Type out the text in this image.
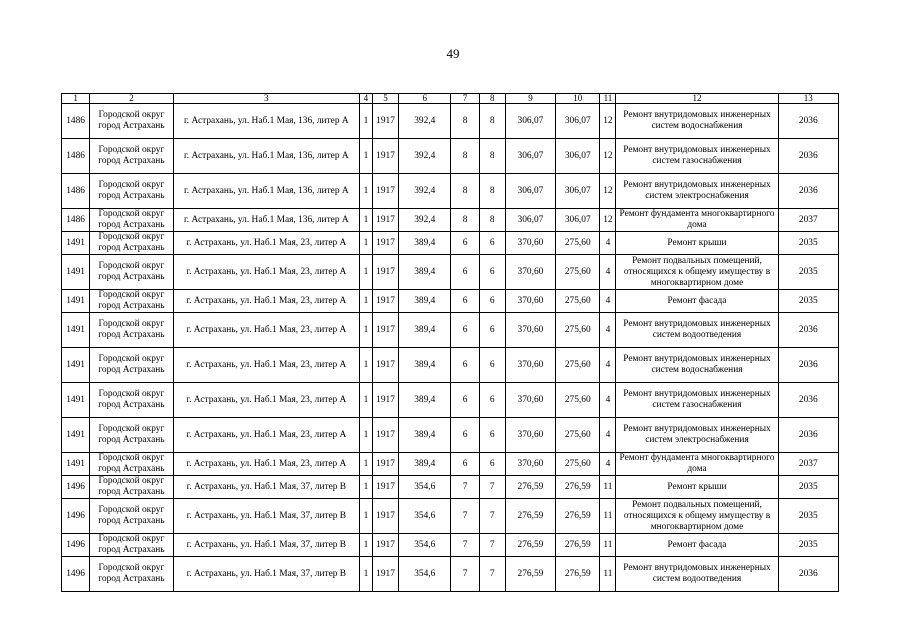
49
1	2	3	4	5	6	7	8	9	10	11	12	13
1486	Городской округ город Астрахань	г. Астрахань, ул. Наб.1 Мая, 136, литер А	1	1917	392,4	8	8	306,07	306,07	12	Ремонт внутридомовых инженерных систем водоснабжения	2036
1486	Городской округ город Астрахань	г. Астрахань, ул. Наб.1 Мая, 136, литер А	1	1917	392,4	8	8	306,07	306,07	12	Ремонт внутридомовых инженерных систем газоснабжения	2036
1486	Городской округ город Астрахань	г. Астрахань, ул. Наб.1 Мая, 136, литер А	1	1917	392,4	8	8	306,07	306,07	12	Ремонт внутридомовых инженерных систем электроснабжения	2036
1486	Городской округ город Астрахань	г. Астрахань, ул. Наб.1 Мая, 136, литер А	1	1917	392,4	8	8	306,07	306,07	12	Ремонт фундамента многоквартирного дома	2037
1491	Городской округ город Астрахань	г. Астрахань, ул. Наб.1 Мая, 23, литер А	1	1917	389,4	6	6	370,60	275,60	4	Ремонт крыши	2035
1491	Городской округ город Астрахань	г. Астрахань, ул. Наб.1 Мая, 23, литер А	1	1917	389,4	6	6	370,60	275,60	4	Ремонт подвальных помещений, относящихся к общему имуществу в многоквартирном доме	2035
1491	Городской округ город Астрахань	г. Астрахань, ул. Наб.1 Мая, 23, литер А	1	1917	389,4	6	6	370,60	275,60	4	Ремонт фасада	2035
1491	Городской округ город Астрахань	г. Астрахань, ул. Наб.1 Мая, 23, литер А	1	1917	389,4	6	6	370,60	275,60	4	Ремонт внутридомовых инженерных систем водоотведения	2036
1491	Городской округ город Астрахань	г. Астрахань, ул. Наб.1 Мая, 23, литер А	1	1917	389,4	6	6	370,60	275,60	4	Ремонт внутридомовых инженерных систем водоснабжения	2036
1491	Городской округ город Астрахань	г. Астрахань, ул. Наб.1 Мая, 23, литер А	1	1917	389,4	6	6	370,60	275,60	4	Ремонт внутридомовых инженерных систем газоснабжения	2036
1491	Городской округ город Астрахань	г. Астрахань, ул. Наб.1 Мая, 23, литер А	1	1917	389,4	6	6	370,60	275,60	4	Ремонт внутридомовых инженерных систем электроснабжения	2036
1491	Городской округ город Астрахань	г. Астрахань, ул. Наб.1 Мая, 23, литер А	1	1917	389,4	6	6	370,60	275,60	4	Ремонт фундамента многоквартирного дома	2037
1496	Городской округ город Астрахань	г. Астрахань, ул. Наб.1 Мая, 37, литер В	1	1917	354,6	7	7	276,59	276,59	11	Ремонт крыши	2035
1496	Городской округ город Астрахань	г. Астрахань, ул. Наб.1 Мая, 37, литер В	1	1917	354,6	7	7	276,59	276,59	11	Ремонт подвальных помещений, относящихся к общему имуществу в многоквартирном доме	2035
1496	Городской округ город Астрахань	г. Астрахань, ул. Наб.1 Мая, 37, литер В	1	1917	354,6	7	7	276,59	276,59	11	Ремонт фасада	2035
1496	Городской округ город Астрахань	г. Астрахань, ул. Наб.1 Мая, 37, литер В	1	1917	354,6	7	7	276,59	276,59	11	Ремонт внутридомовых инженерных систем водоотведения	2036
